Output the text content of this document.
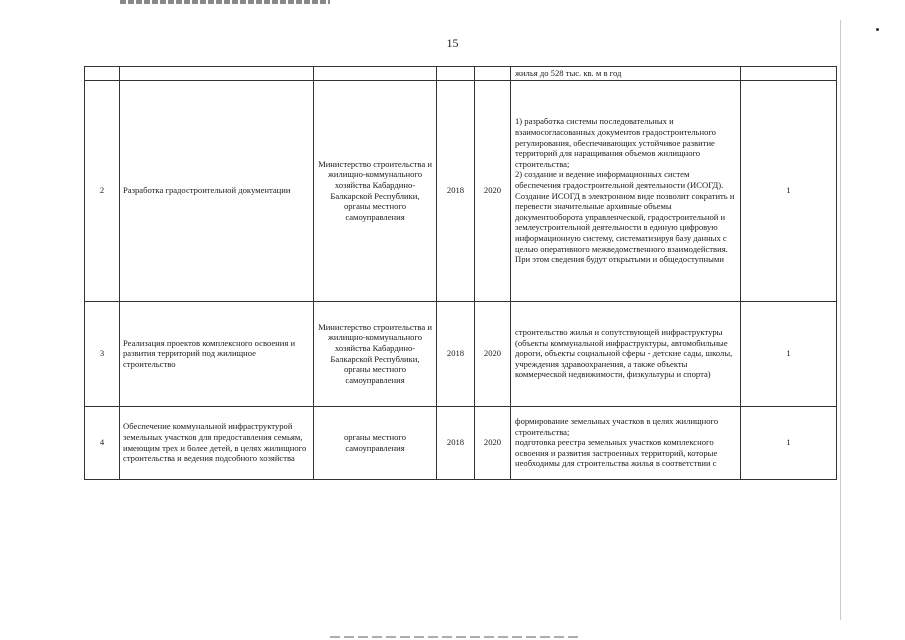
15

					жилья до 528 тыс. кв. м в год	

2	Разработка градостроительной документации	Министерство строительства и жилищно-коммунального хозяйства Кабардино-Балкарской Республики, органы местного самоуправления	2018	2020	1) разработка системы последовательных и взаимосогласованных документов градостроительного регулирования, обеспечивающих устойчивое развитие территорий для наращивания объемов жилищного строительства;
2) создание и ведение информационных систем обеспечения градостроительной деятельности (ИСОГД). Создание ИСОГД в электронном виде позволит сократить и перевести значительные архивные объемы документооборота управленческой, градостроительной и землеустроительной деятельности в единую цифровую информационную систему, систематизируя базу данных с целью оперативного межведомственного взаимодействия. При этом сведения будут открытыми и общедоступными	1
3	Реализация проектов комплексного освоения и развития территорий под жилищное строительство	Министерство строительства и жилищно-коммунального хозяйства Кабардино-Балкарской Республики, органы местного самоуправления	2018	2020	строительство жилья и сопутствующей инфраструктуры (объекты коммунальной инфраструктуры, автомобильные дороги, объекты социальной сферы - детские сады, школы, учреждения здравоохранения, а также объекты коммерческой недвижимости, физкультуры и спорта)	1
4	Обеспечение коммунальной инфраструктурой земельных участков для предоставления семьям, имеющим трех и более детей, в целях жилищного строительства и ведения подсобного хозяйства	органы местного самоуправления	2018	2020	формирование земельных участков в целях жилищного строительства;
подготовка реестра земельных участков комплексного освоения и развития застроенных территорий, которые необходимы для строительства жилья в соответствии с	1
